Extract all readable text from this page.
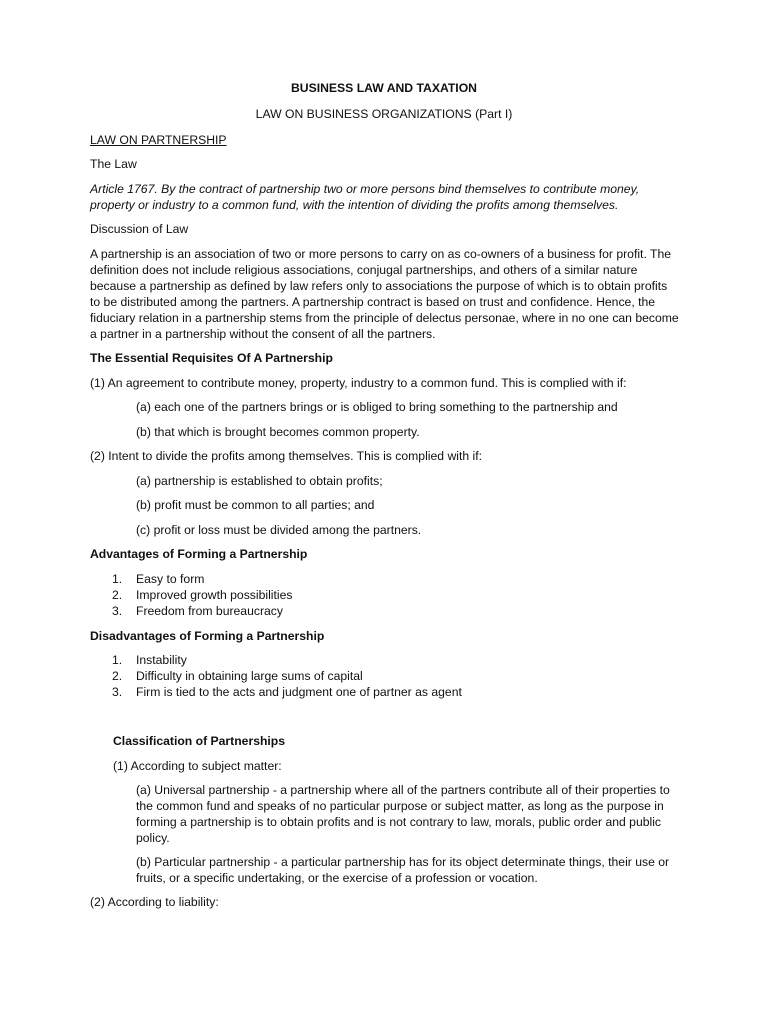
BUSINESS LAW AND TAXATION

LAW ON BUSINESS ORGANIZATIONS (Part I)

LAW ON PARTNERSHIP

The Law

Article 1767. By the contract of partnership two or more persons bind themselves to contribute money, property or industry to a common fund, with the intention of dividing the profits among themselves.

Discussion of Law

A partnership is an association of two or more persons to carry on as co-owners of a business for profit. The definition does not include religious associations, conjugal partnerships, and others of a similar nature because a partnership as defined by law refers only to associations the purpose of which is to obtain profits to be distributed among the partners. A partnership contract is based on trust and confidence. Hence, the fiduciary relation in a partnership stems from the principle of delectus personae, where in no one can become a partner in a partnership without the consent of all the partners.

The Essential Requisites Of A Partnership

(1) An agreement to contribute money, property, industry to a common fund. This is complied with if:

(a) each one of the partners brings or is obliged to bring something to the partnership and

(b) that which is brought becomes common property.

(2) Intent to divide the profits among themselves. This is complied with if:

(a) partnership is established to obtain profits;

(b) profit must be common to all parties; and

(c) profit or loss must be divided among the partners.

Advantages of Forming a Partnership

1. Easy to form
2. Improved growth possibilities
3. Freedom from bureaucracy

Disadvantages of Forming a Partnership

1. Instability
2. Difficulty in obtaining large sums of capital
3. Firm is tied to the acts and judgment one of partner as agent

Classification of Partnerships

(1) According to subject matter:

(a) Universal partnership - a partnership where all of the partners contribute all of their properties to the common fund and speaks of no particular purpose or subject matter, as long as the purpose in forming a partnership is to obtain profits and is not contrary to law, morals, public order and public policy.

(b) Particular partnership - a particular partnership has for its object determinate things, their use or fruits, or a specific undertaking, or the exercise of a profession or vocation.

(2) According to liability:
